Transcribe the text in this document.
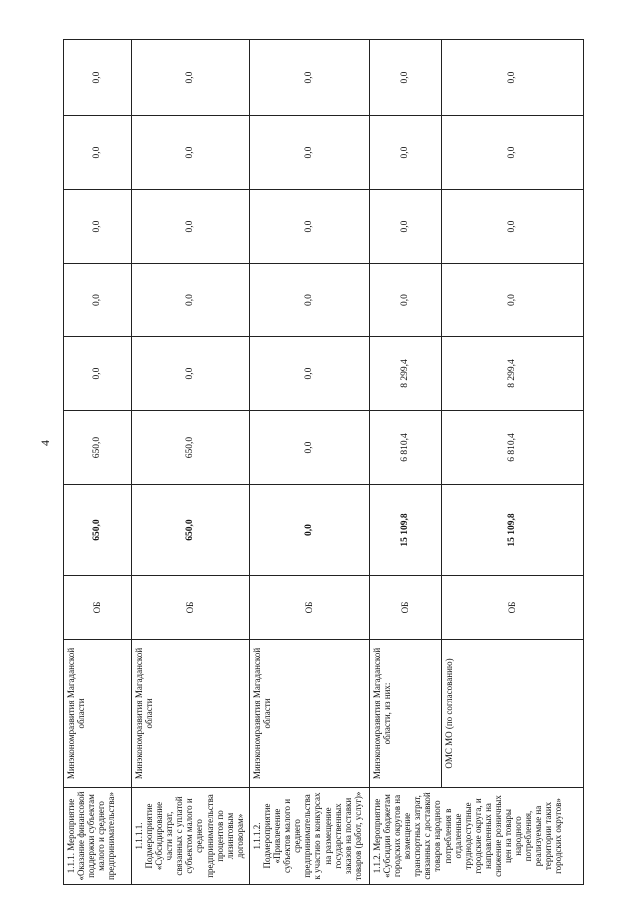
4
1.1.1. Мероприятие «Оказание финансовой поддержки субъектам малого и среднего предпринимательства»	Минэкономразвития Магаданской области	ОБ	650,0	650,0	0,0	0,0	0,0	0,0	0,0
1.1.1.1. Подмероприятие «Субсидирование части затрат, связанных с уплатой субъектом малого и среднего предпринимательства процентов по лизинговым договорам»	Минэкономразвития Магаданской области	ОБ	650,0	650,0	0,0	0,0	0,0	0,0	0,0
1.1.1.2. Подмероприятие «Привлечение субъектов малого и среднего предпринимательства к участию в конкурсах на размещение государственных заказов на поставки товаров (работ, услуг)»	Минэкономразвития Магаданской области	ОБ	0,0	0,0	0,0	0,0	0,0	0,0	0,0
1.1.2. Мероприятие «Субсидии бюджетам городских округов на возмещение транспортных затрат, связанных с доставкой товаров народного потребления в отдаленные труднодоступные городские округа, и направленных на снижение розничных цен на товары народного потребления, реализуемые на территории таких городских округов»	Минэкономразвития Магаданской области, из них:	ОБ	15 109,8	6 810,4	8 299,4	0,0	0,0	0,0	0,0
	ОМС МО (по согласованию)	ОБ	15 109,8	6 810,4	8 299,4	0,0	0,0	0,0	0,0
